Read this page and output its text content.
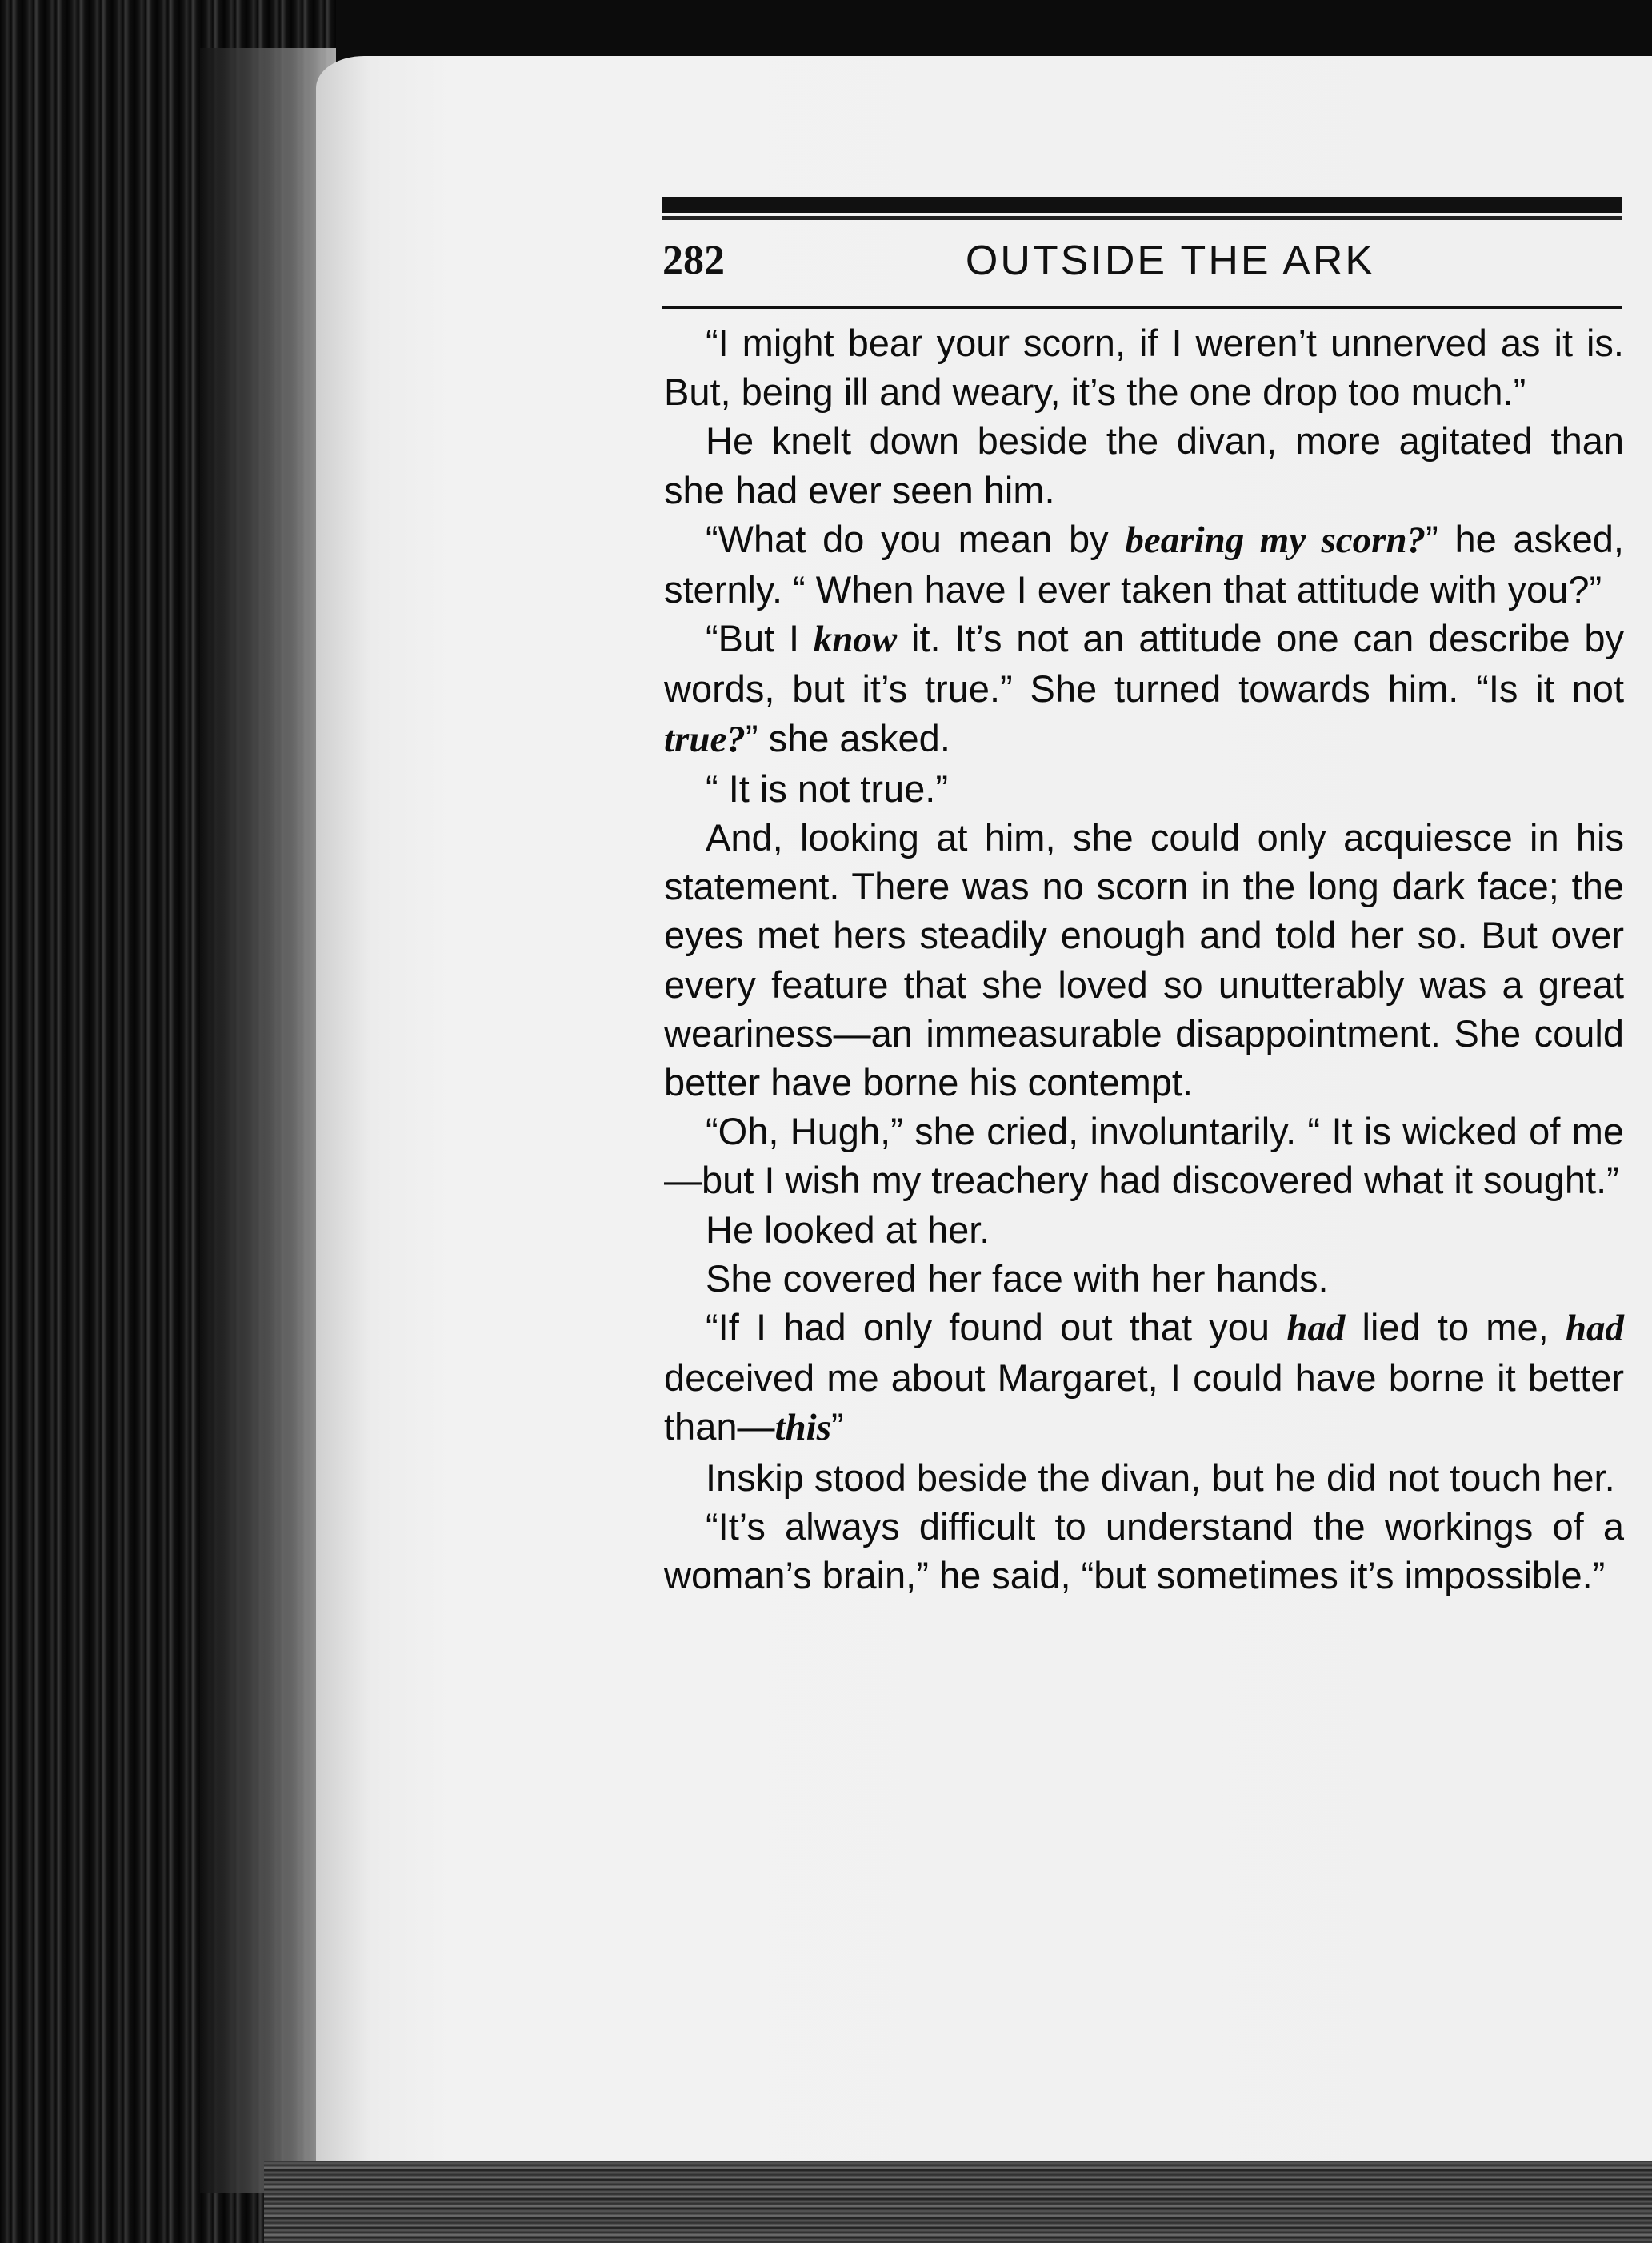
282	OUTSIDE THE ARK

“I might bear your scorn, if I weren’t unnerved as it is. But, being ill and weary, it’s the one drop too much.”

He knelt down beside the divan, more agitated than she had ever seen him.

“What do you mean by bearing my scorn?” he asked, sternly. “ When have I ever taken that attitude with you?”

“But I know it. It’s not an attitude one can describe by words, but it’s true.” She turned towards him. “Is it not true?” she asked.

“ It is not true.”

And, looking at him, she could only acquiesce in his statement. There was no scorn in the long dark face; the eyes met hers steadily enough and told her so. But over every feature that she loved so unutterably was a great weariness—an immeasurable disappointment. She could better have borne his contempt.

“Oh, Hugh,” she cried, involuntarily. “ It is wicked of me—but I wish my treachery had discovered what it sought.”

He looked at her.

She covered her face with her hands.

“If I had only found out that you had lied to me, had deceived me about Margaret, I could have borne it better than—this”

Inskip stood beside the divan, but he did not touch her.

“It’s always difficult to understand the workings of a woman’s brain,” he said, “but sometimes it’s impossible.”
